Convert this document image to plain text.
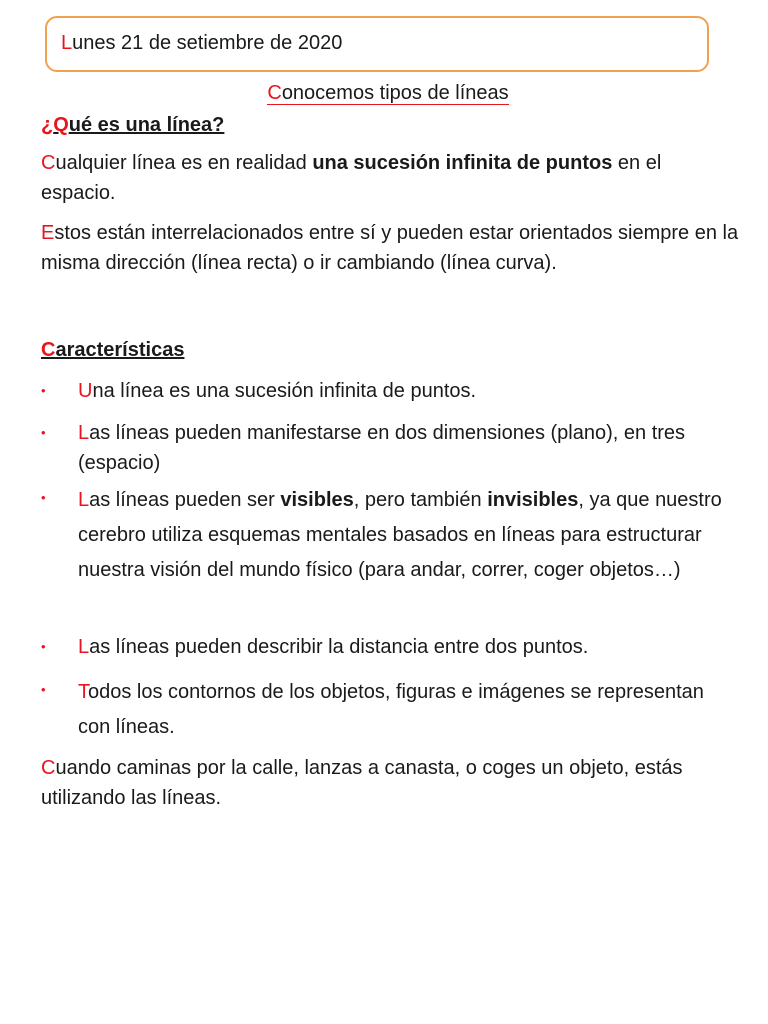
Lunes 21 de setiembre de 2020
Conocemos tipos de líneas
¿Qué es una línea?
Cualquier línea es en realidad una sucesión infinita de puntos en el espacio.
Estos están interrelacionados entre sí y pueden estar orientados siempre en la misma dirección (línea recta) o ir cambiando (línea curva).
Características
• Una línea es una sucesión infinita de puntos.
• Las líneas pueden manifestarse en dos dimensiones (plano), en tres (espacio)
• Las líneas pueden ser visibles, pero también invisibles, ya que nuestro cerebro utiliza esquemas mentales basados en líneas para estructurar nuestra visión del mundo físico (para andar, correr, coger objetos…)
• Las líneas pueden describir la distancia entre dos puntos.
• Todos los contornos de los objetos, figuras e imágenes se representan con líneas.
Cuando caminas por la calle, lanzas a canasta, o coges un objeto, estás utilizando las líneas.
